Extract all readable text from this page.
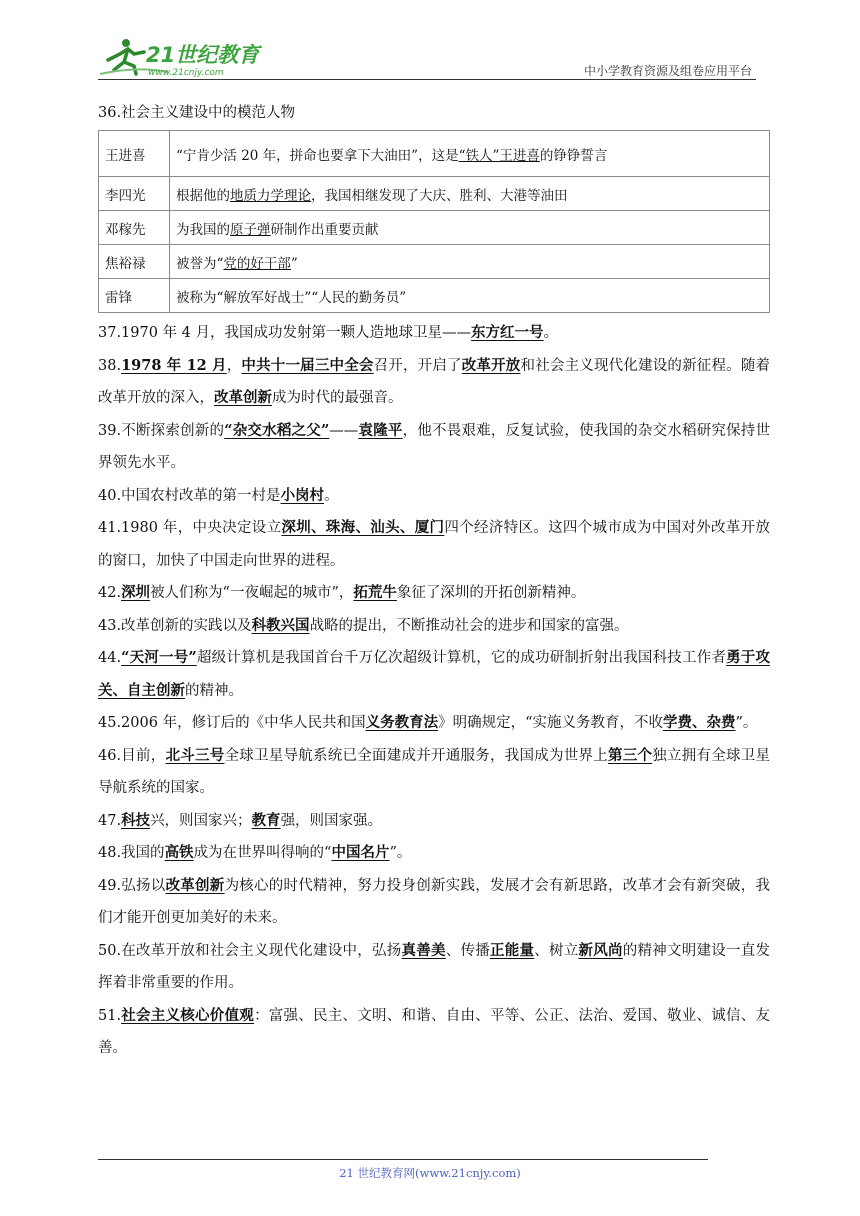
21世纪教育
www.21cnjy.com	中小学教育资源及组卷应用平台

36.社会主义建设中的模范人物

王进喜	“宁肯少活 20 年，拼命也要拿下大油田”，这是“铁人”王进喜的铮铮誓言
李四光	根据他的地质力学理论，我国相继发现了大庆、胜利、大港等油田
邓稼先	为我国的原子弹研制作出重要贡献
焦裕禄	被誉为“党的好干部”
雷锋	被称为“解放军好战士”“人民的勤务员”

37.1970 年 4 月，我国成功发射第一颗人造地球卫星——东方红一号。

38.1978 年 12 月，中共十一届三中全会召开，开启了改革开放和社会主义现代化建设的新征程。随着改革开放的深入，改革创新成为时代的最强音。

39.不断探索创新的“杂交水稻之父”——袁隆平，他不畏艰难，反复试验，使我国的杂交水稻研究保持世界领先水平。

40.中国农村改革的第一村是小岗村。

41.1980 年，中央决定设立深圳、珠海、汕头、厦门四个经济特区。这四个城市成为中国对外改革开放的窗口，加快了中国走向世界的进程。

42.深圳被人们称为“一夜崛起的城市”，拓荒牛象征了深圳的开拓创新精神。

43.改革创新的实践以及科教兴国战略的提出，不断推动社会的进步和国家的富强。

44.“天河一号”超级计算机是我国首台千万亿次超级计算机，它的成功研制折射出我国科技工作者勇于攻关、自主创新的精神。

45.2006 年，修订后的《中华人民共和国义务教育法》明确规定，“实施义务教育，不收学费、杂费”。

46.目前，北斗三号全球卫星导航系统已全面建成并开通服务，我国成为世界上第三个独立拥有全球卫星导航系统的国家。

47.科技兴，则国家兴；教育强，则国家强。

48.我国的高铁成为在世界叫得响的“中国名片”。

49.弘扬以改革创新为核心的时代精神，努力投身创新实践，发展才会有新思路，改革才会有新突破，我们才能开创更加美好的未来。

50.在改革开放和社会主义现代化建设中，弘扬真善美、传播正能量、树立新风尚的精神文明建设一直发挥着非常重要的作用。

51.社会主义核心价值观：富强、民主、文明、和谐、自由、平等、公正、法治、爱国、敬业、诚信、友善。

21 世纪教育网(www.21cnjy.com)
